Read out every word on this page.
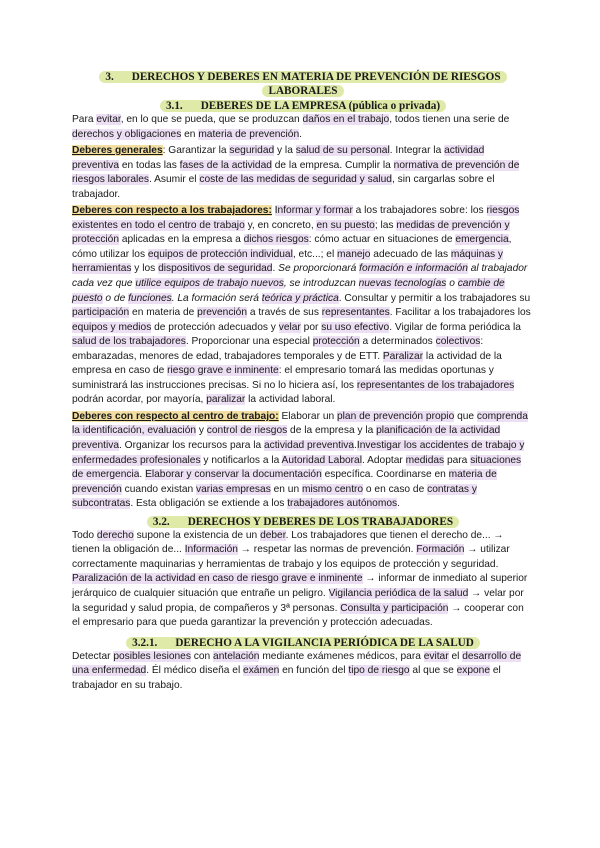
3. DERECHOS Y DEBERES EN MATERIA DE PREVENCIÓN DE RIESGOS LABORALES
3.1. DEBERES DE LA EMPRESA (pública o privada)

Para evitar, en lo que se pueda, que se produzcan daños en el trabajo, todos tienen una serie de derechos y obligaciones en materia de prevención.

Deberes generales: Garantizar la seguridad y la salud de su personal. Integrar la actividad preventiva en todas las fases de la actividad de la empresa. Cumplir la normativa de prevención de riesgos laborales. Asumir el coste de las medidas de seguridad y salud, sin cargarlas sobre el trabajador.

Deberes con respecto a los trabajadores: Informar y formar a los trabajadores sobre: los riesgos existentes en todo el centro de trabajo y, en concreto, en su puesto; las medidas de prevención y protección aplicadas en la empresa a dichos riesgos: cómo actuar en situaciones de emergencia, cómo utilizar los equipos de protección individual, etc...; el manejo adecuado de las máquinas y herramientas y los dispositivos de seguridad. Se proporcionará formación e información al trabajador cada vez que utilice equipos de trabajo nuevos, se introduzcan nuevas tecnologías o cambie de puesto o de funciones. La formación será teórica y práctica. Consultar y permitir a los trabajadores su participación en materia de prevención a través de sus representantes. Facilitar a los trabajadores los equipos y medios de protección adecuados y velar por su uso efectivo. Vigilar de forma periódica la salud de los trabajadores. Proporcionar una especial protección a determinados colectivos: embarazadas, menores de edad, trabajadores temporales y de ETT. Paralizar la actividad de la empresa en caso de riesgo grave e inminente: el empresario tomará las medidas oportunas y suministrará las instrucciones precisas. Si no lo hiciera así, los representantes de los trabajadores podrán acordar, por mayoría, paralizar la actividad laboral.

Deberes con respecto al centro de trabajo: Elaborar un plan de prevención propio que comprenda la identificación, evaluación y control de riesgos de la empresa y la planificación de la actividad preventiva. Organizar los recursos para la actividad preventiva.Investigar los accidentes de trabajo y enfermedades profesionales y notificarlos a la Autoridad Laboral. Adoptar medidas para situaciones de emergencia. Elaborar y conservar la documentación específica. Coordinarse en materia de prevención cuando existan varias empresas en un mismo centro o en caso de contratas y subcontratas. Esta obligación se extiende a los trabajadores autónomos.

3.2. DERECHOS Y DEBERES DE LOS TRABAJADORES

Todo derecho supone la existencia de un deber. Los trabajadores que tienen el derecho de... → tienen la obligación de... Información → respetar las normas de prevención. Formación → utilizar correctamente maquinarias y herramientas de trabajo y los equipos de protección y seguridad. Paralización de la actividad en caso de riesgo grave e inminente → informar de inmediato al superior jerárquico de cualquier situación que entrañe un peligro. Vigilancia periódica de la salud → velar por la seguridad y salud propia, de compañeros y 3ª personas. Consulta y participación → cooperar con el empresario para que pueda garantizar la prevención y protección adecuadas.

3.2.1. DERECHO A LA VIGILANCIA PERIÓDICA DE LA SALUD

Detectar posibles lesiones con antelación mediante exámenes médicos, para evitar el desarrollo de una enfermedad. Él médico diseña el exámen en función del tipo de riesgo al que se expone el trabajador en su trabajo.
